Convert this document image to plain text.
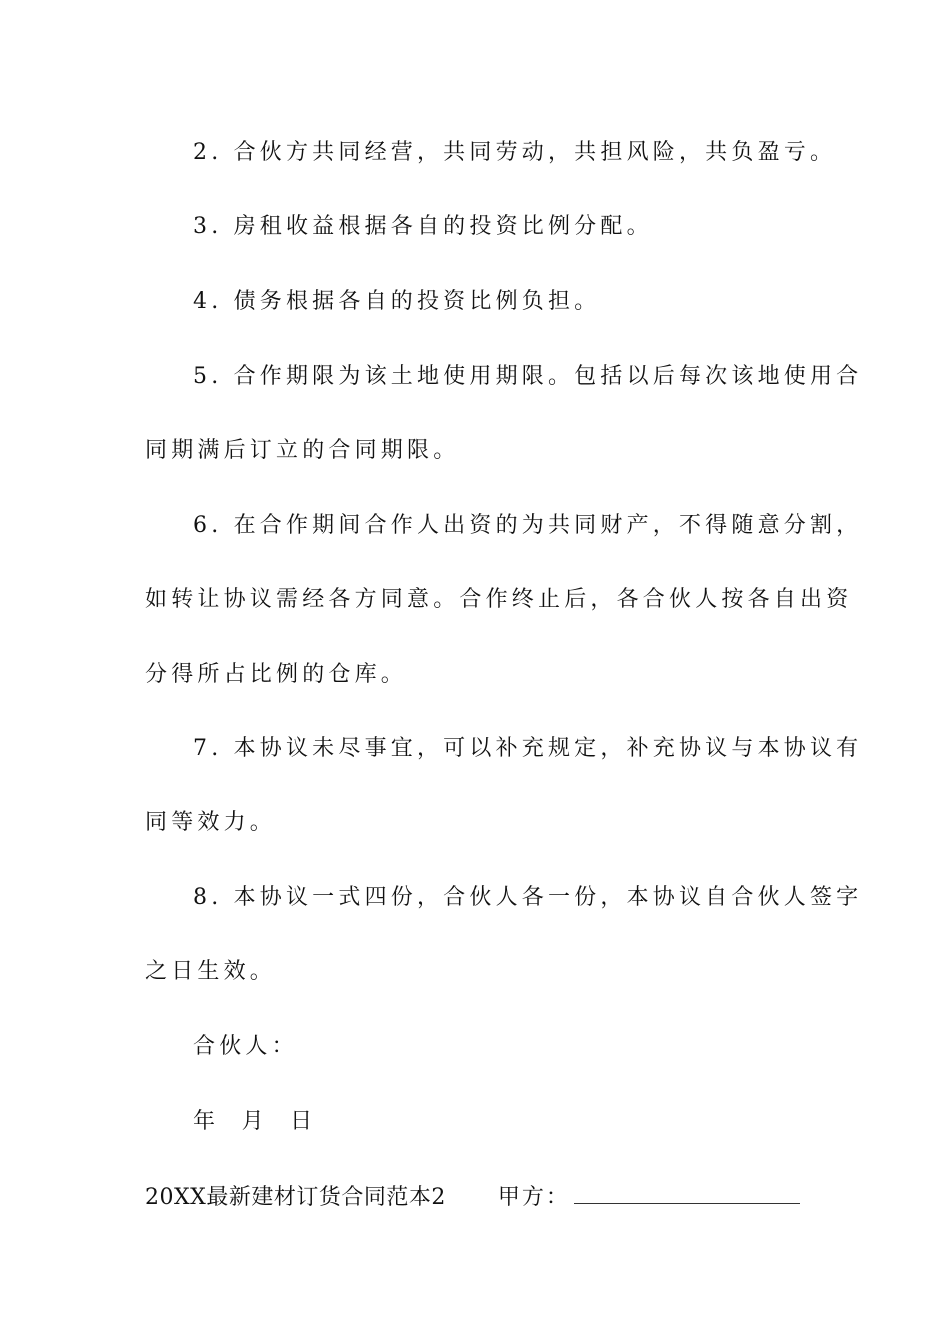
2. 合伙方共同经营，共同劳动，共担风险，共负盈亏。
3. 房租收益根据各自的投资比例分配。
4. 债务根据各自的投资比例负担。
5. 合作期限为该土地使用期限。包括以后每次该地使用合
同期满后订立的合同期限。
6. 在合作期间合作人出资的为共同财产，不得随意分割，
如转让协议需经各方同意。合作终止后，各合伙人按各自出资
分得所占比例的仓库。
7. 本协议未尽事宜，可以补充规定，补充协议与本协议有
同等效力。
8. 本协议一式四份，合伙人各一份，本协议自合伙人签字
之日生效。
合伙人：
年  月  日
20XX最新建材订货合同范本2 甲方：
